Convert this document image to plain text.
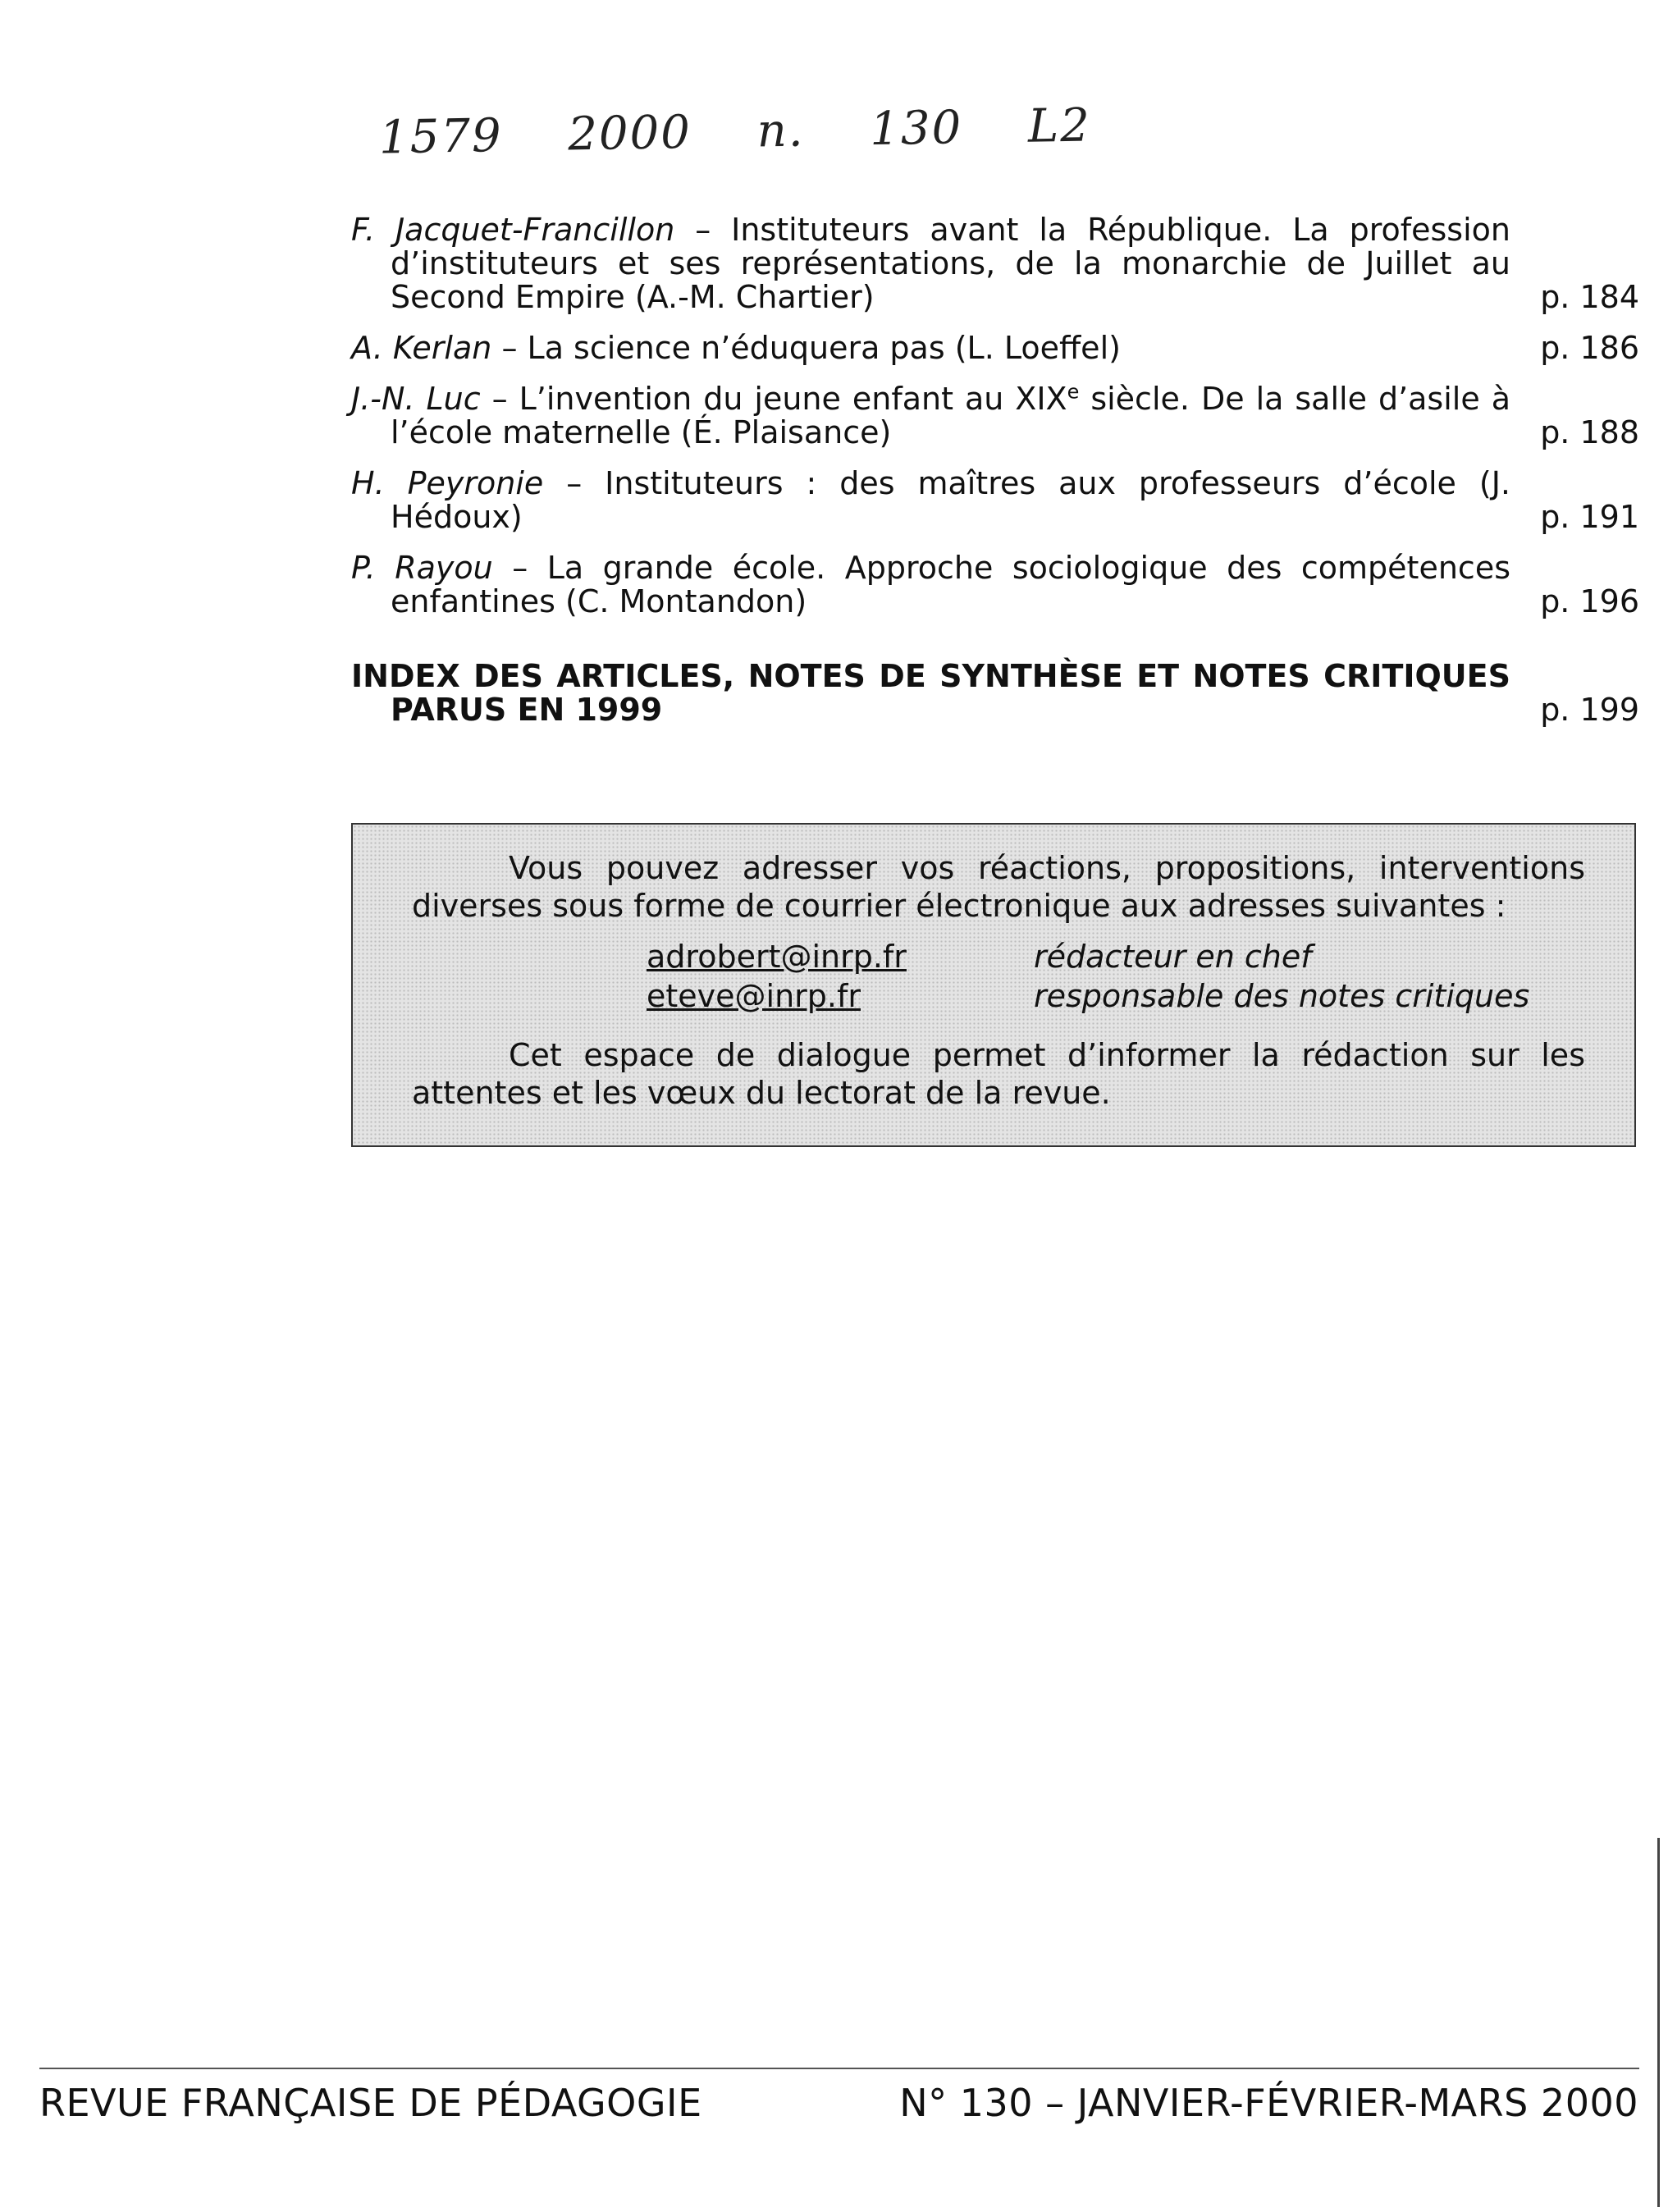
1579 2000 n. 130 L2
F. Jacquet-Francillon – Instituteurs avant la République. La profession d’instituteurs et ses représentations, de la monarchie de Juillet au Second Empire (A.-M. Chartier)	p. 184
A. Kerlan – La science n’éduquera pas (L. Loeffel)	p. 186
J.-N. Luc – L’invention du jeune enfant au XIXe siècle. De la salle d’asile à l’école maternelle (É. Plaisance)	p. 188
H. Peyronie – Instituteurs : des maîtres aux professeurs d’école (J. Hédoux)	p. 191
P. Rayou – La grande école. Approche sociologique des compétences enfantines (C. Montandon)	p. 196
INDEX DES ARTICLES, NOTES DE SYNTHÈSE ET NOTES CRITIQUES PARUS EN 1999	p. 199
Vous pouvez adresser vos réactions, propositions, interventions diverses sous forme de courrier électronique aux adresses suivantes :
adrobert@inrp.fr	rédacteur en chef
eteve@inrp.fr	responsable des notes critiques
Cet espace de dialogue permet d’informer la rédaction sur les attentes et les vœux du lectorat de la revue.
REVUE FRANÇAISE DE PÉDAGOGIE	N° 130 – JANVIER-FÉVRIER-MARS 2000
